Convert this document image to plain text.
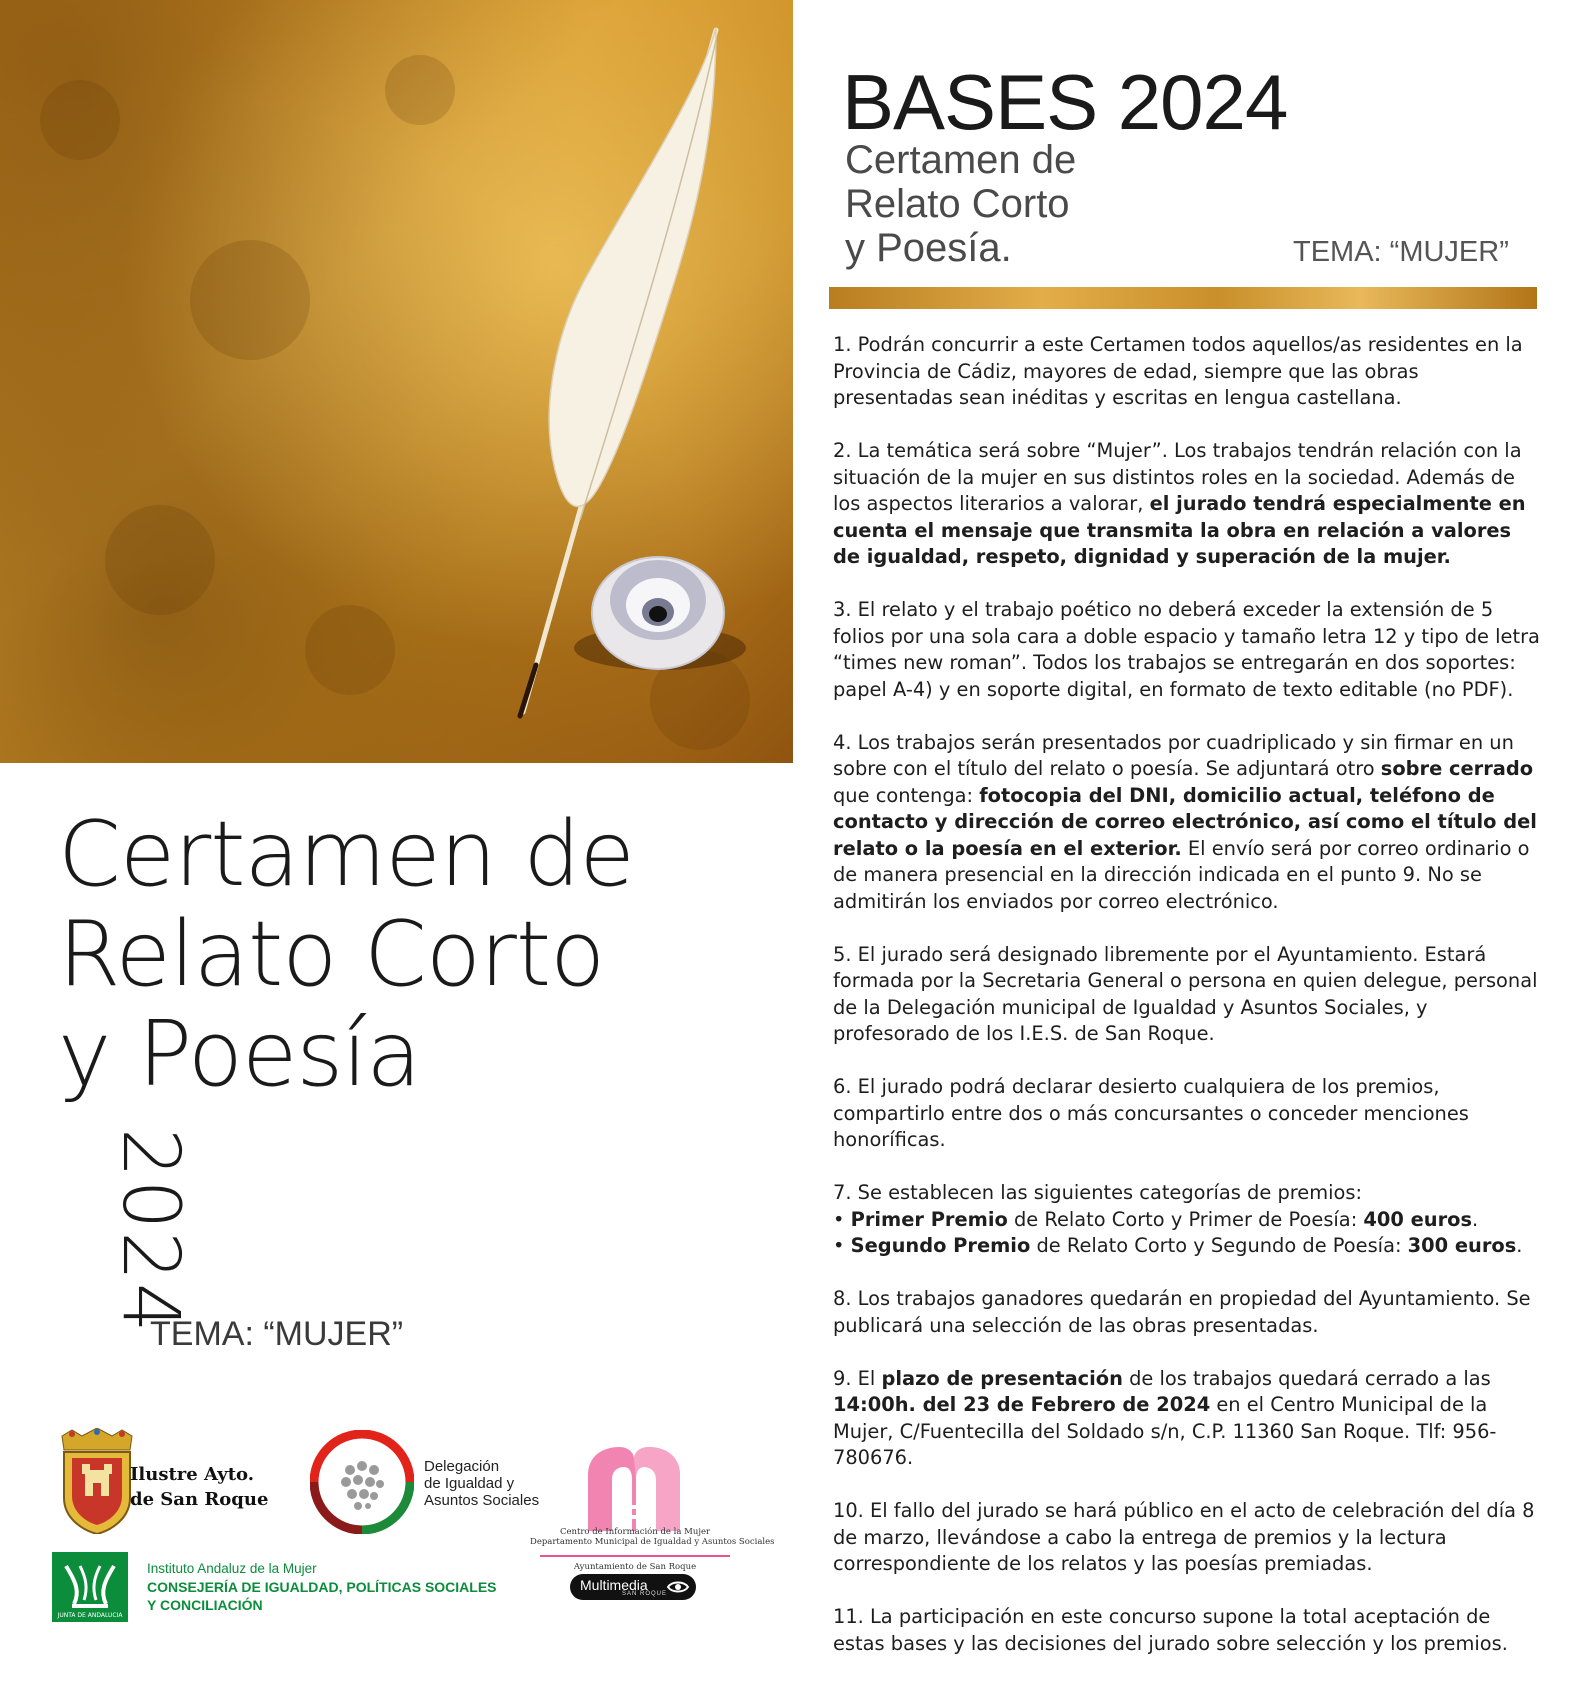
Certamen de
Relato Corto
y Poesía
2024
TEMA: “MUJER”
BASES 2024
Certamen de
Relato Corto
y Poesía.	TEMA: “MUJER”

1. Podrán concurrir a este Certamen todos aquellos/as residentes en la Provincia de Cádiz, mayores de edad, siempre que las obras presentadas sean inéditas y escritas en lengua castellana.

2. La temática será sobre “Mujer”. Los trabajos tendrán relación con la situación de la mujer en sus distintos roles en la sociedad. Además de los aspectos literarios a valorar, el jurado tendrá especialmente en cuenta el mensaje que transmita la obra en relación a valores de igualdad, respeto, dignidad y superación de la mujer.

3. El relato y el trabajo poético no deberá exceder la extensión de 5 folios por una sola cara a doble espacio y tamaño letra 12 y tipo de letra “times new roman”. Todos los trabajos se entregarán en dos soportes: papel A-4) y en soporte digital, en formato de texto editable (no PDF).

4. Los trabajos serán presentados por cuadriplicado y sin firmar en un sobre con el título del relato o poesía. Se adjuntará otro sobre cerrado que contenga: fotocopia del DNI, domicilio actual, teléfono de contacto y dirección de correo electrónico, así como el título del relato o la poesía en el exterior. El envío será por correo ordinario o de manera presencial en la dirección indicada en el punto 9. No se admitirán los enviados por correo electrónico.

5. El jurado será designado libremente por el Ayuntamiento. Estará formada por la Secretaria General o persona en quien delegue, personal de la Delegación municipal de Igualdad y Asuntos Sociales, y profesorado de los I.E.S. de San Roque.

6. El jurado podrá declarar desierto cualquiera de los premios, compartirlo entre dos o más concursantes o conceder menciones honoríficas.

7. Se establecen las siguientes categorías de premios:
• Primer Premio de Relato Corto y Primer de Poesía: 400 euros.
• Segundo Premio de Relato Corto y Segundo de Poesía: 300 euros.

8. Los trabajos ganadores quedarán en propiedad del Ayuntamiento. Se publicará una selección de las obras presentadas.

9. El plazo de presentación de los trabajos quedará cerrado a las 14:00h. del 23 de Febrero de 2024 en el Centro Municipal de la Mujer, C/Fuentecilla del Soldado s/n, C.P. 11360 San Roque. Tlf: 956-780676.

10. El fallo del jurado se hará público en el acto de celebración del día 8 de marzo, llevándose a cabo la entrega de premios y la lectura correspondiente de los relatos y las poesías premiadas.

11. La participación en este concurso supone la total aceptación de estas bases y las decisiones del jurado sobre selección y los premios.

Ilustre Ayto.
de San Roque
Delegación
de Igualdad y
Asuntos Sociales
Centro de Información de la Mujer
Departamento Municipal de Igualdad y Asuntos Sociales
Ayuntamiento de San Roque
JUNTA DE ANDALUCIA
Instituto Andaluz de la Mujer
CONSEJERÍA DE IGUALDAD, POLÍTICAS SOCIALES
Y CONCILIACIÓN
Multimedia
SAN ROQUE
